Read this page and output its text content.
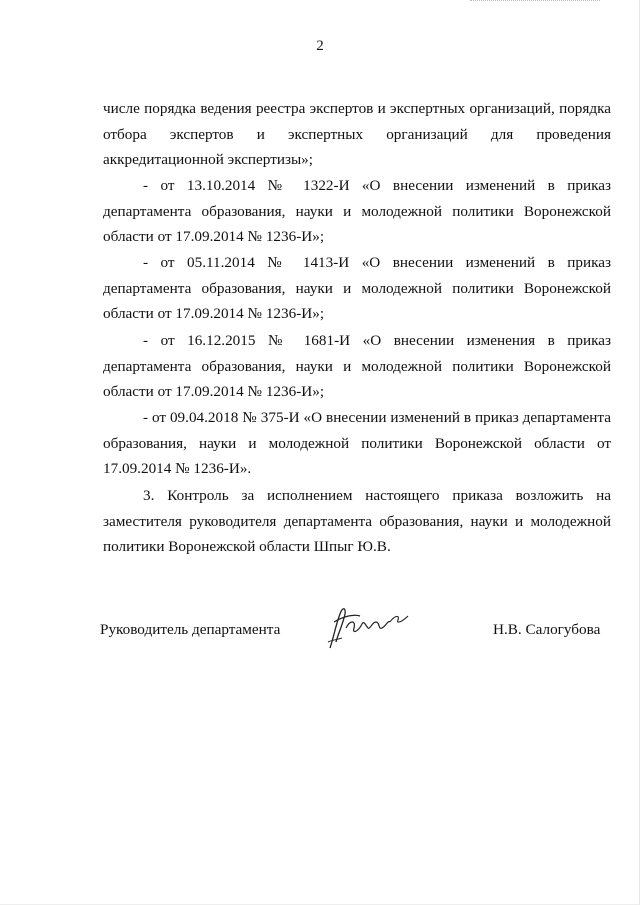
2
числе порядка ведения реестра экспертов и экспертных организаций, порядка
отбора экспертов и экспертных организаций для проведения
аккредитационной экспертизы»;
- от 13.10.2014 № 1322-И «О внесении изменений в приказ
департамента образования, науки и молодежной политики Воронежской
области от 17.09.2014 № 1236-И»;
- от 05.11.2014 № 1413-И «О внесении изменений в приказ
департамента образования, науки и молодежной политики Воронежской
области от 17.09.2014 № 1236-И»;
- от 16.12.2015 № 1681-И «О внесении изменения в приказ
департамента образования, науки и молодежной политики Воронежской
области от 17.09.2014 № 1236-И»;
- от 09.04.2018 № 375-И «О внесении изменений в приказ департамента
образования, науки и молодежной политики Воронежской области от
17.09.2014 № 1236-И».
3. Контроль за исполнением настоящего приказа возложить на
заместителя руководителя департамента образования, науки и молодежной
политики Воронежской области Шпыг Ю.В.
Руководитель департамента	Н.В. Салогубова
